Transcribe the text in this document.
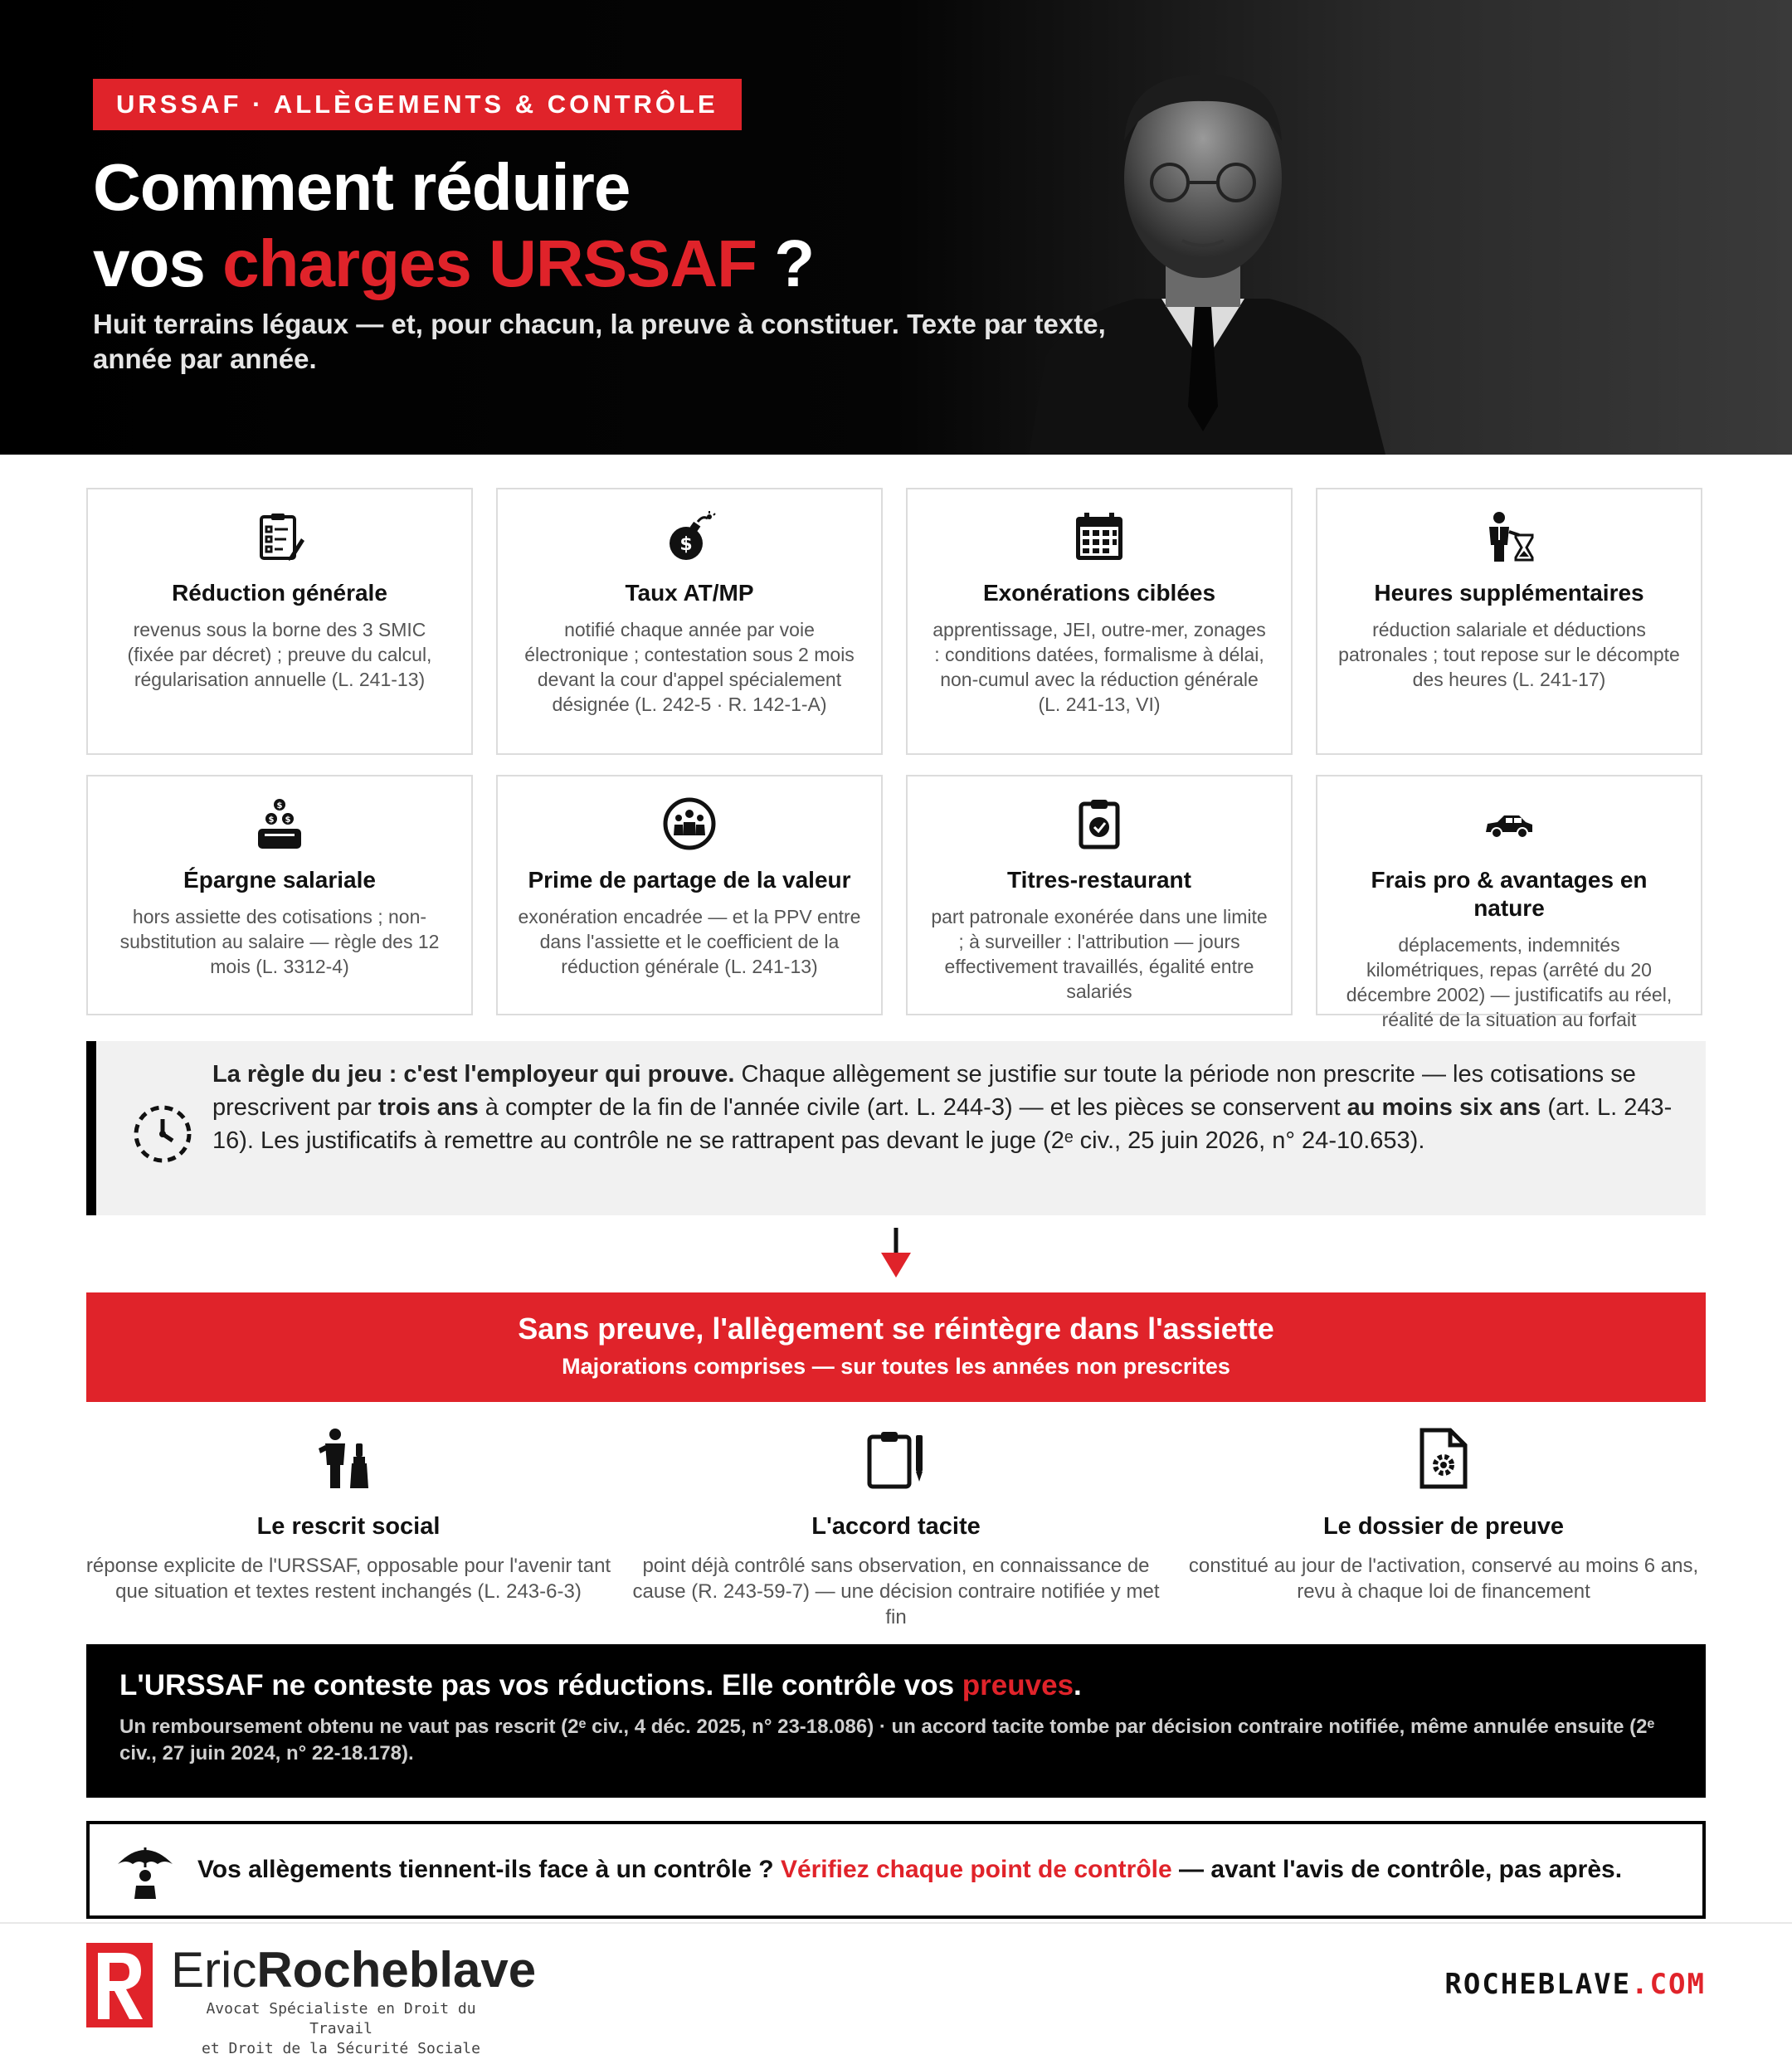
URSSAF · ALLÈGEMENTS & CONTRÔLE
Comment réduire
vos charges URSSAF ?

Huit terrains légaux — et, pour chacun, la preuve à constituer. Texte par texte, année par année.

Réduction générale

revenus sous la borne des 3 SMIC (fixée par décret) ; preuve du calcul, régularisation annuelle (L. 241-13)

$
Taux AT/MP

notifié chaque année par voie électronique ; contestation sous 2 mois devant la cour d'appel spécialement désignée (L. 242-5 · R. 142-1-A)

Exonérations ciblées

apprentissage, JEI, outre-mer, zonages : conditions datées, formalisme à délai, non-cumul avec la réduction générale (L. 241-13, VI)

Heures supplémentaires

réduction salariale et déductions patronales ; tout repose sur le décompte des heures (L. 241-17)

$
$ $
Épargne salariale

hors assiette des cotisations ; non-substitution au salaire — règle des 12 mois (L. 3312-4)

Prime de partage de la valeur

exonération encadrée — et la PPV entre dans l'assiette et le coefficient de la réduction générale (L. 241-13)

Titres-restaurant

part patronale exonérée dans une limite ; à surveiller : l'attribution — jours effectivement travaillés, égalité entre salariés

Frais pro & avantages en nature

déplacements, indemnités kilométriques, repas (arrêté du 20 décembre 2002) — justificatifs au réel, réalité de la situation au forfait

La règle du jeu : c'est l'employeur qui prouve. Chaque allègement se justifie sur toute la période non prescrite — les cotisations se prescrivent par trois ans à compter de la fin de l'année civile (art. L. 244-3) — et les pièces se conservent au moins six ans (art. L. 243-16). Les justificatifs à remettre au contrôle ne se rattrapent pas devant le juge (2ᵉ civ., 25 juin 2026, n° 24-10.653).

Sans preuve, l'allègement se réintègre dans l'assiette

Majorations comprises — sur toutes les années non prescrites

Le rescrit social

réponse explicite de l'URSSAF, opposable pour l'avenir tant que situation et textes restent inchangés (L. 243-6-3)

L'accord tacite

point déjà contrôlé sans observation, en connaissance de cause (R. 243-59-7) — une décision contraire notifiée y met fin

Le dossier de preuve

constitué au jour de l'activation, conservé au moins 6 ans, revu à chaque loi de financement

L'URSSAF ne conteste pas vos réductions. Elle contrôle vos preuves.

Un remboursement obtenu ne vaut pas rescrit (2ᵉ civ., 4 déc. 2025, n° 23-18.086) · un accord tacite tombe par décision contraire notifiée, même annulée ensuite (2ᵉ civ., 27 juin 2024, n° 22-18.178).

Vos allègements tiennent-ils face à un contrôle ? Vérifiez chaque point de contrôle — avant l'avis de contrôle, pas après.

EricRocheblave

Avocat Spécialiste en Droit du Travail
et Droit de la Sécurité Sociale

ROCHEBLAVE.COM
